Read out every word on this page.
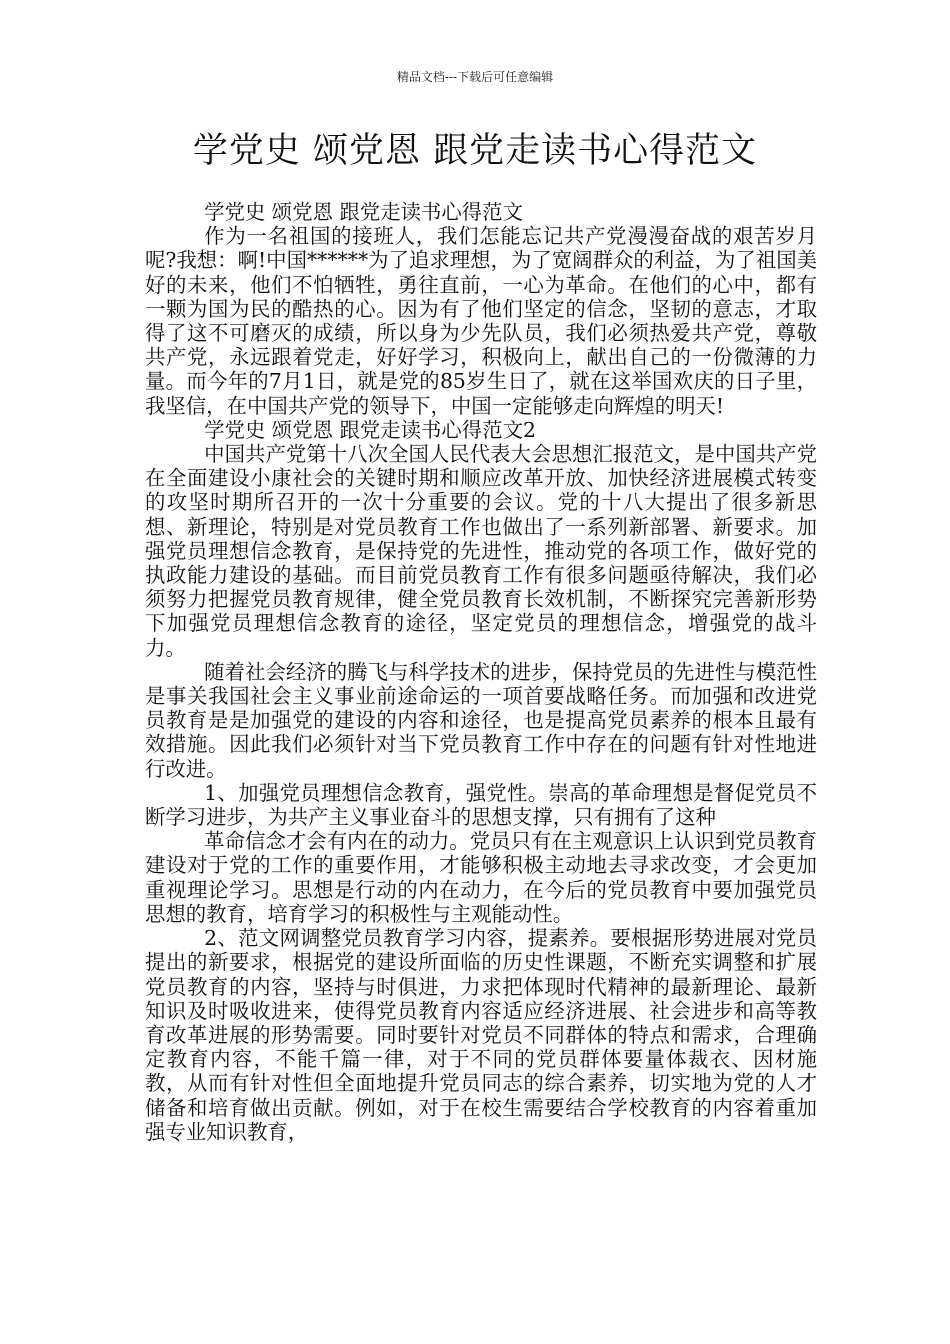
精品文档---下载后可任意编辑
学党史 颂党恩 跟党走读书心得范文

学党史 颂党恩 跟党走读书心得范文

作为一名祖国的接班人，我们怎能忘记共产党漫漫奋战的艰苦岁月呢?我想：啊!中国******为了追求理想，为了宽阔群众的利益，为了祖国美好的未来，他们不怕牺牲，勇往直前，一心为革命。在他们的心中，都有一颗为国为民的酷热的心。因为有了他们坚定的信念，坚韧的意志，才取得了这不可磨灭的成绩，所以身为少先队员，我们必须热爱共产党，尊敬共产党，永远跟着党走，好好学习，积极向上，献出自己的一份微薄的力量。而今年的7月1日，就是党的85岁生日了，就在这举国欢庆的日子里，我坚信，在中国共产党的领导下，中国一定能够走向辉煌的明天!

学党史 颂党恩 跟党走读书心得范文2

中国共产党第十八次全国人民代表大会思想汇报范文，是中国共产党在全面建设小康社会的关键时期和顺应改革开放、加快经济进展模式转变的攻坚时期所召开的一次十分重要的会议。党的十八大提出了很多新思想、新理论，特别是对党员教育工作也做出了一系列新部署、新要求。加强党员理想信念教育，是保持党的先进性，推动党的各项工作，做好党的执政能力建设的基础。而目前党员教育工作有很多问题亟待解决，我们必须努力把握党员教育规律，健全党员教育长效机制，不断探究完善新形势下加强党员理想信念教育的途径，坚定党员的理想信念，增强党的战斗力。

随着社会经济的腾飞与科学技术的进步，保持党员的先进性与模范性是事关我国社会主义事业前途命运的一项首要战略任务。而加强和改进党员教育是是加强党的建设的内容和途径，也是提高党员素养的根本且最有效措施。因此我们必须针对当下党员教育工作中存在的问题有针对性地进行改进。

1、加强党员理想信念教育，强党性。崇高的革命理想是督促党员不断学习进步，为共产主义事业奋斗的思想支撑，只有拥有了这种

革命信念才会有内在的动力。党员只有在主观意识上认识到党员教育建设对于党的工作的重要作用，才能够积极主动地去寻求改变，才会更加重视理论学习。思想是行动的内在动力，在今后的党员教育中要加强党员思想的教育，培育学习的积极性与主观能动性。

2、范文网调整党员教育学习内容，提素养。要根据形势进展对党员提出的新要求，根据党的建设所面临的历史性课题，不断充实调整和扩展党员教育的内容，坚持与时俱进，力求把体现时代精神的最新理论、最新知识及时吸收进来，使得党员教育内容适应经济进展、社会进步和高等教育改革进展的形势需要。同时要针对党员不同群体的特点和需求，合理确定教育内容，不能千篇一律，对于不同的党员群体要量体裁衣、因材施教，从而有针对性但全面地提升党员同志的综合素养，切实地为党的人才储备和培育做出贡献。例如，对于在校生需要结合学校教育的内容着重加强专业知识教育，
